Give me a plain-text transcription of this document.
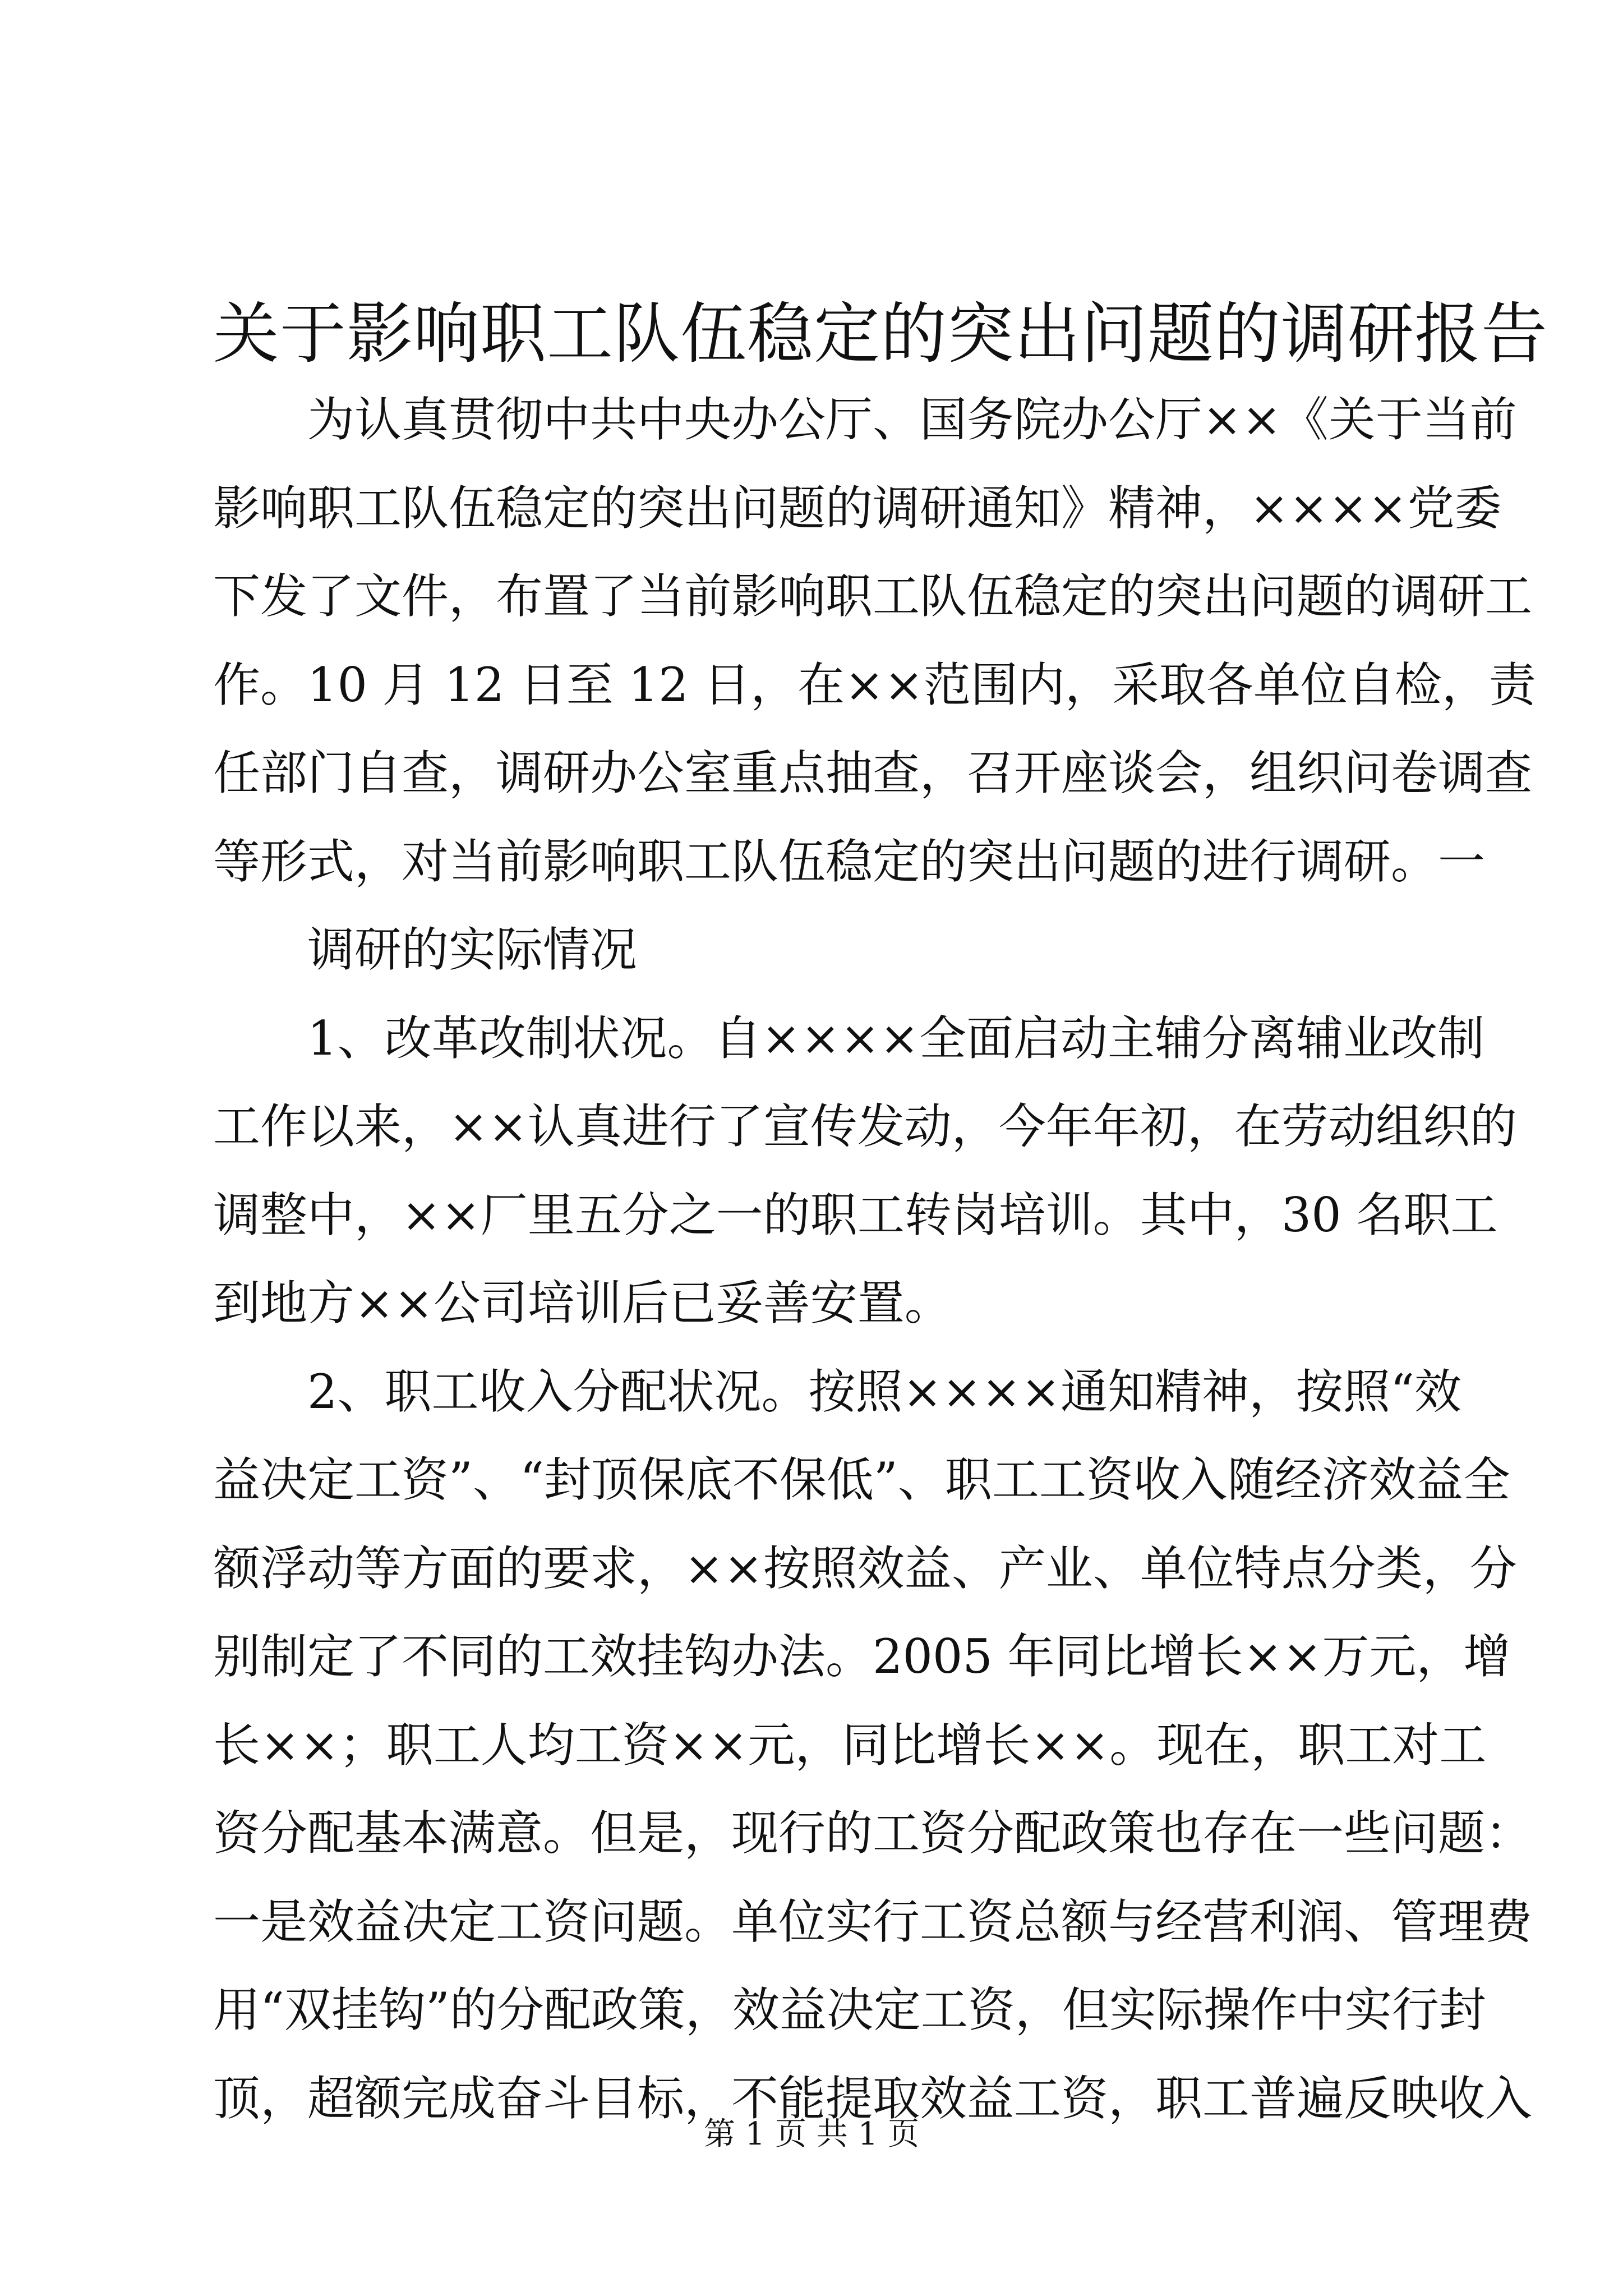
关于影响职工队伍稳定的突出问题的调研报告
为认真贯彻中共中央办公厅、国务院办公厅××《关于当前
影响职工队伍稳定的突出问题的调研通知》精神，××××党委
下发了文件，布置了当前影响职工队伍稳定的突出问题的调研工
作。10 月 12 日至 12 日，在××范围内，采取各单位自检，责
任部门自查，调研办公室重点抽查，召开座谈会，组织问卷调查
等形式，对当前影响职工队伍稳定的突出问题的进行调研。一
调研的实际情况
1、改革改制状况。自××××全面启动主辅分离辅业改制
工作以来，××认真进行了宣传发动，今年年初，在劳动组织的
调整中，××厂里五分之一的职工转岗培训。其中，30 名职工
到地方××公司培训后已妥善安置。
2、职工收入分配状况。按照××××通知精神，按照“效
益决定工资”、“封顶保底不保低”、职工工资收入随经济效益全
额浮动等方面的要求，××按照效益、产业、单位特点分类，分
别制定了不同的工效挂钩办法。2005 年同比增长××万元，增
长××；职工人均工资××元，同比增长××。现在，职工对工
资分配基本满意。但是，现行的工资分配政策也存在一些问题：
一是效益决定工资问题。单位实行工资总额与经营利润、管理费
用“双挂钩”的分配政策，效益决定工资，但实际操作中实行封
顶，超额完成奋斗目标，不能提取效益工资，职工普遍反映收入
第 1 页 共 1 页
